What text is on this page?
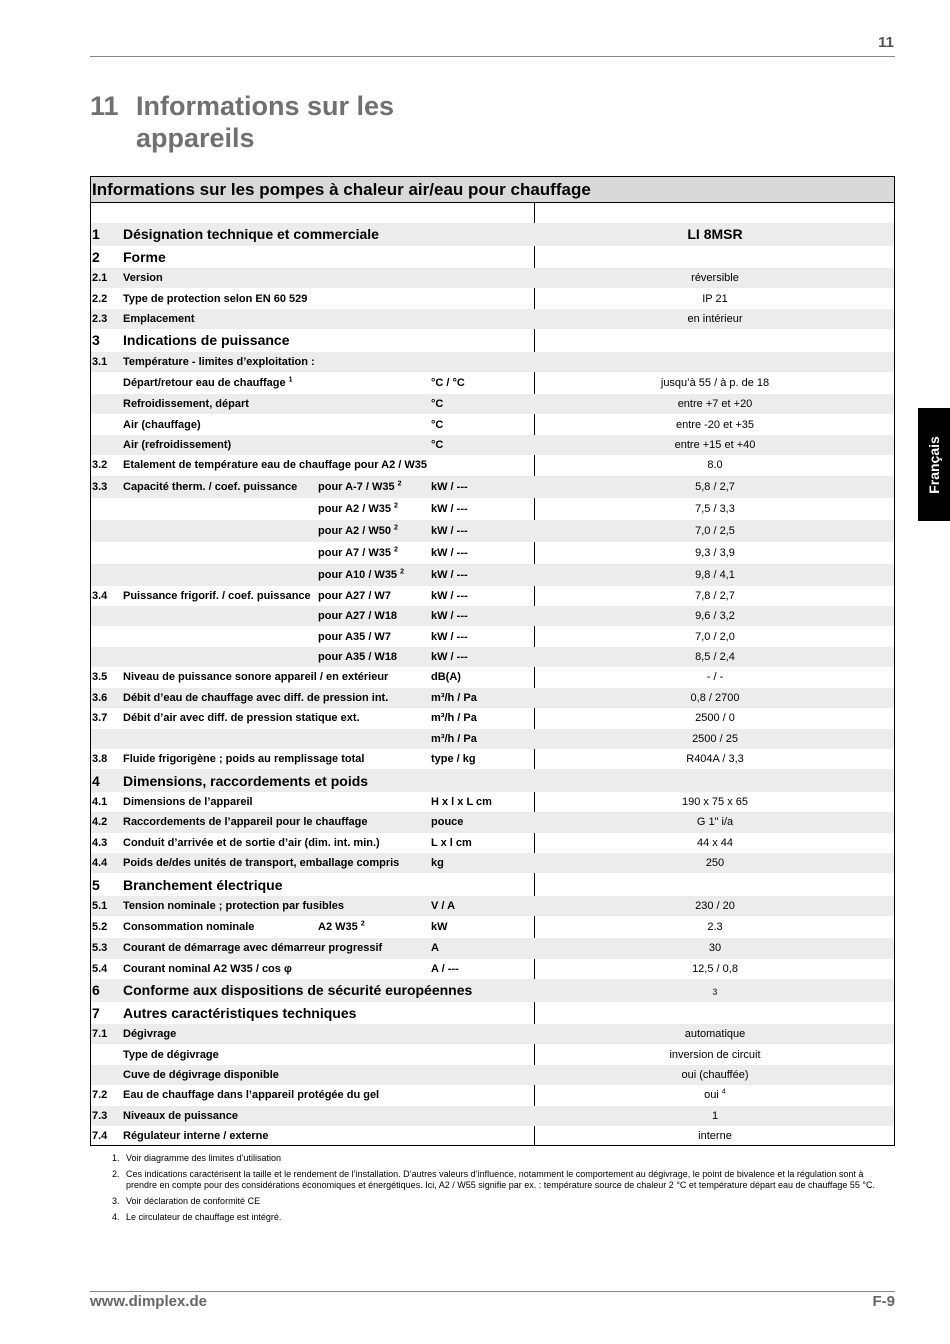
11
11 Informations sur les appareils
Français
Informations sur les pompes à chaleur air/eau pour chauffage
1 Désignation technique et commerciale	LI 8MSR
2 Forme
2.1 Version	réversible
2.2 Type de protection selon EN 60 529	IP 21
2.3 Emplacement	en intérieur
3 Indications de puissance
3.1 Température - limites d’exploitation :
Départ/retour eau de chauffage $^1$	°C / °C	jusqu’à 55 / à p. de 18
Refroidissement, départ	°C	entre +7 et +20
Air (chauffage)	°C	entre -20 et +35
Air (refroidissement)	°C	entre +15 et +40
3.2 Etalement de température eau de chauffage pour A2 / W35	8.0
3.3 Capacité therm. / coef. puissance pour A-7 / W35 $^2$	kW / ---	5,8 / 2,7
pour A2 / W35 $^2$	kW / ---	7,5 / 3,3
pour A2 / W50 $^2$	kW / ---	7,0 / 2,5
pour A7 / W35 $^2$	kW / ---	9,3 / 3,9
pour A10 / W35 $^2$ kW / ---	9,8 / 4,1
3.4 Puissance frigorif. / coef. puissance pour A27 / W7	kW / ---	7,8 / 2,7
pour A27 / W18	kW / ---	9,6 / 3,2
pour A35 / W7	kW / ---	7,0 / 2,0
pour A35 / W18	kW / ---	8,5 / 2,4
3.5 Niveau de puissance sonore appareil / en extérieur	dB(A)	- / -
3.6 Débit d’eau de chauffage avec diff. de pression int.	m³/h / Pa	0,8 / 2700
3.7 Débit d’air avec diff. de pression statique ext.	m³/h / Pa	2500 / 0
m³/h / Pa	2500 / 25
3.8 Fluide frigorigène ; poids au remplissage total	type / kg	R404A / 3,3
4 Dimensions, raccordements et poids
4.1 Dimensions de l’appareil	H x l x L cm	190 x 75 x 65
4.2 Raccordements de l’appareil pour le chauffage	pouce	G 1" i/a
4.3 Conduit d’arrivée et de sortie d’air (dim. int. min.)	L x l cm	44 x 44
4.4 Poids de/des unités de transport, emballage compris	kg	250
5 Branchement électrique
5.1 Tension nominale ; protection par fusibles	V / A	230 / 20
5.2 Consommation nominale	A2 W35 $^2$	kW	2.3
5.3 Courant de démarrage avec démarreur progressif	A	30
5.4 Courant nominal A2 W35 / cos φ	A / ---	12,5 / 0,8
6 Conforme aux dispositions de sécurité européennes	3
7 Autres caractéristiques techniques
7.1 Dégivrage	automatique
Type de dégivrage	inversion de circuit
Cuve de dégivrage disponible	oui (chauffée)
7.2 Eau de chauffage dans l’appareil protégée du gel	oui $^4$
7.3 Niveaux de puissance	1
7.4 Régulateur interne / externe	interne
1. Voir diagramme des limites d’utilisation
2. Ces indications caractérisent la taille et le rendement de l’installation. D’autres valeurs d’influence, notamment le comportement au dégivrage, le point de bivalence et la régulation sont à prendre en compte pour des considérations économiques et énergétiques. Ici, A2 / W55 signifie par ex. : température source de chaleur 2 °C et température départ eau de chauffage 55 °C.
3. Voir déclaration de conformité CE
4. Le circulateur de chauffage est intégré.
www.dimplex.de	F-9
